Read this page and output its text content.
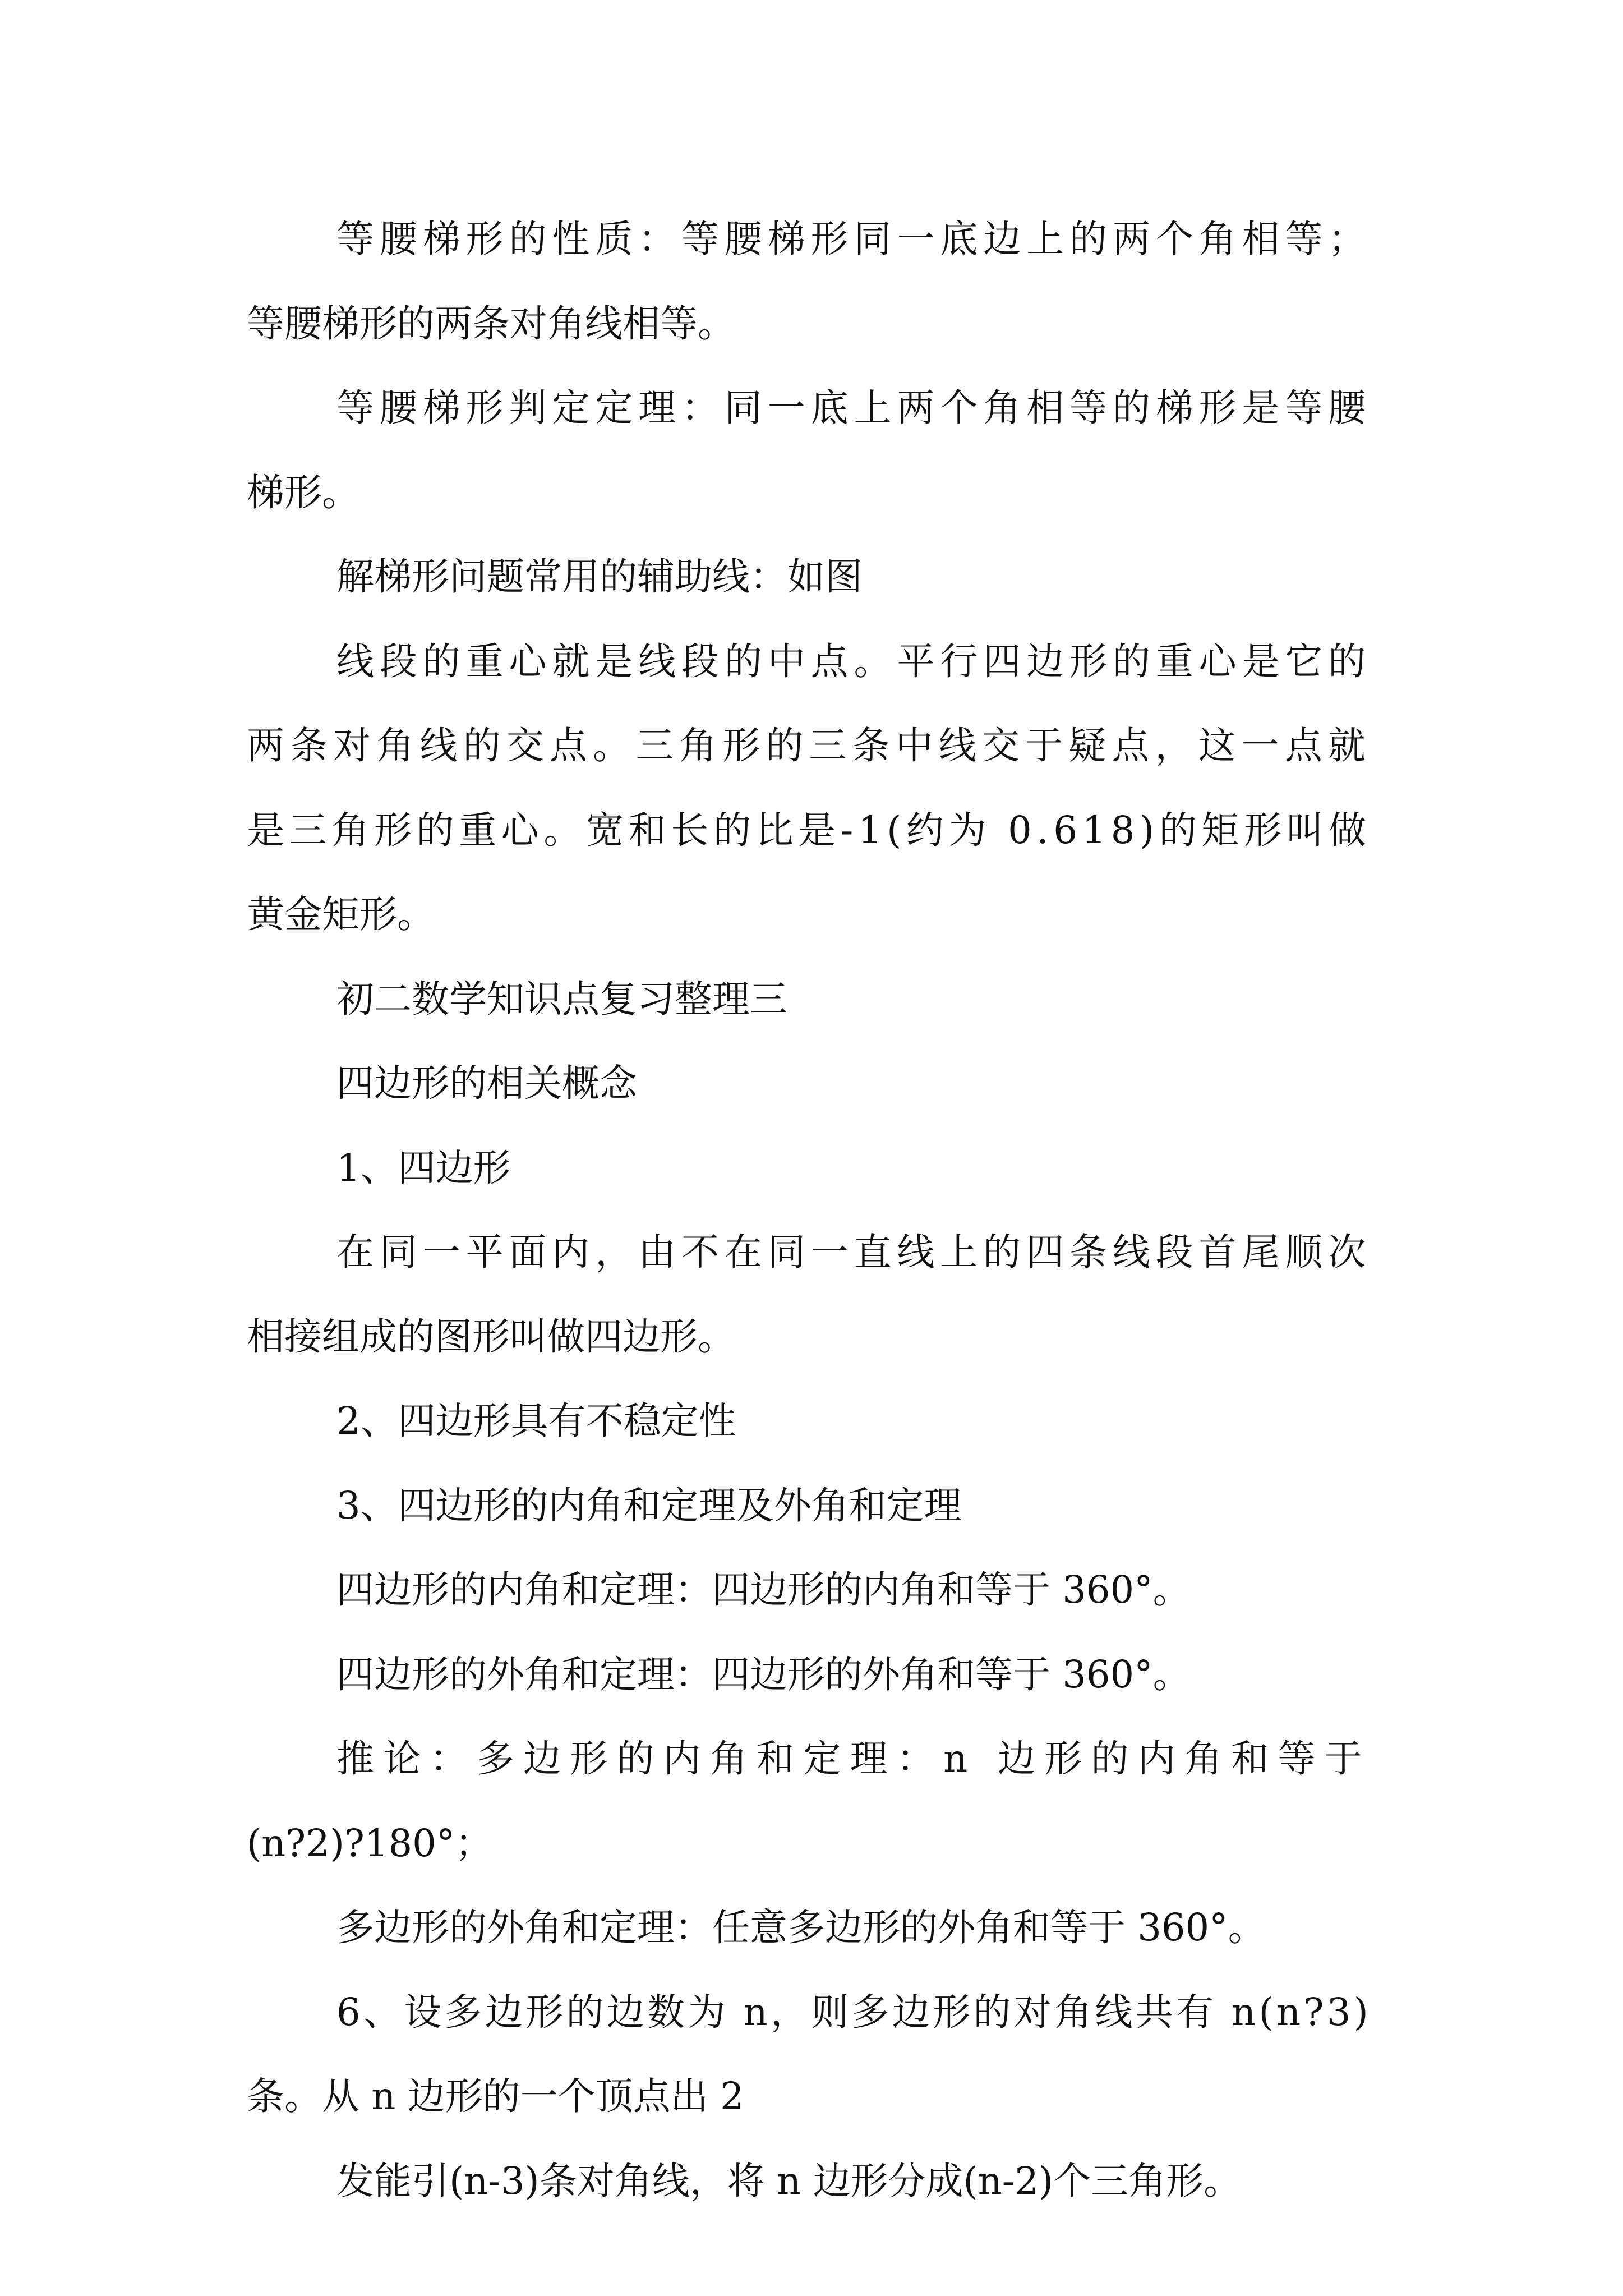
等腰梯形的性质：等腰梯形同一底边上的两个角相等；
等腰梯形的两条对角线相等。
等腰梯形判定定理：同一底上两个角相等的梯形是等腰
梯形。
解梯形问题常用的辅助线：如图
线段的重心就是线段的中点。平行四边形的重心是它的
两条对角线的交点。三角形的三条中线交于疑点，这一点就
是三角形的重心。宽和长的比是-1(约为 0.618)的矩形叫做
黄金矩形。
初二数学知识点复习整理三
四边形的相关概念
1、四边形
在同一平面内，由不在同一直线上的四条线段首尾顺次
相接组成的图形叫做四边形。
2、四边形具有不稳定性
3、四边形的内角和定理及外角和定理
四边形的内角和定理：四边形的内角和等于 360°。
四边形的外角和定理：四边形的外角和等于 360°。
推论：多边形的内角和定理：n 边形的内角和等于
(n?2)?180°；
多边形的外角和定理：任意多边形的外角和等于 360°。
6、设多边形的边数为 n，则多边形的对角线共有 n(n?3)
条。从 n 边形的一个顶点出 2
发能引(n-3)条对角线，将 n 边形分成(n-2)个三角形。
